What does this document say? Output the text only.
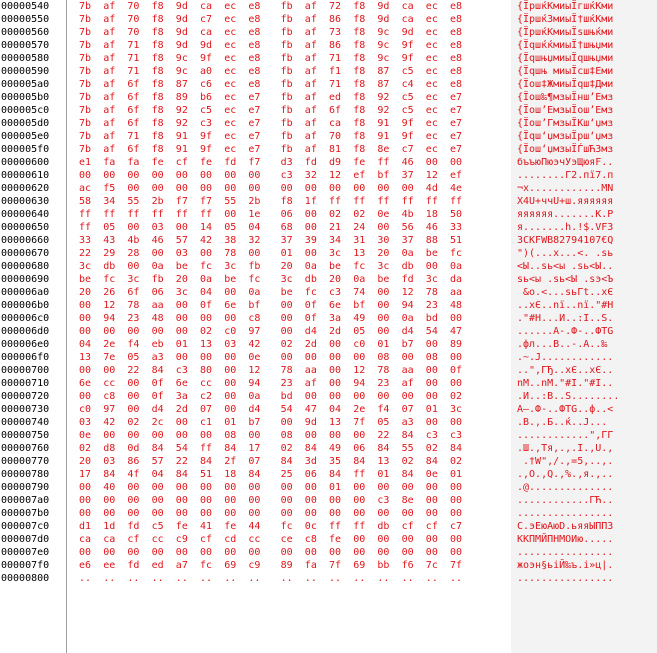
00000540	7b af 70 f8 9d ca ec e8 fb af 72 f8 9d ca ec e8	{ЇршќКмиыЇгшќКми
00000550	7b af 70 f8 9d c7 ec e8 fb af 86 f8 9d ca ec e8	{ЇршќЗмиыЇ†шќКми
00000560	7b af 70 f8 9d ca ec e8 fb af 73 f8 9c 9d ec e8	{ЇршќКмиыЇsшњќми
00000570	7b af 71 f8 9d 9d ec e8 fb af 86 f8 9c 9f ec e8	{ЇqшќќмиыЇ†шњџми
00000580	7b af 71 f8 9c 9f ec e8 fb af 71 f8 9c 9f ec e8	{ЇqшњџмиыЇqшњџми
00000590	7b af 71 f8 9c a0 ec e8 fb af f1 f8 87 c5 ec e8	{Їqшњ миыЇсш‡Еми
000005a0	7b af 6f f8 87 c6 ec e8 fb af 71 f8 87 c4 ec e8	{Їoш‡ЖмиыЇqш‡Дми
000005b0	7b af 6f f8 89 b6 ec e7 fb af ed f8 92 c5 ec e7	{Їoш‰¶мзыЇнш’Емз
000005c0	7b af 6f f8 92 c5 ec e7 fb af 6f f8 92 c5 ec e7	{Їoш’ЕмзыЇoш’Емз
000005d0	7b af 6f f8 92 c3 ec e7 fb af ca f8 91 9f ec e7	{Їoш’ГмзыЇКш‘џмз
000005e0	7b af 71 f8 91 9f ec e7 fb af 70 f8 91 9f ec e7	{Їqш‘џмзыЇpш‘џмз
000005f0	7b af 6f f8 91 9f ec e7 fb af 81 f8 8e c7 ec e7	{Їoш‘џмзыЇЃшЋЗмз
00000600	e1 fa fa fe cf fe fd f7 d3 fd d9 fe ff 46 00 00	бъъюПюэчУэЩюяF..
00000610	00 00 00 00 00 00 00 00 c3 32 12 ef bf 37 12 ef	........Г2.пї7.п
00000620	ac f5 00 00 00 00 00 00 00 00 00 00 00 00 4d 4e	¬х............MN
00000630	58 34 55 2b f7 f7 55 2b f8 1f ff ff ff ff ff ff	X4U+ччU+ш.яяяяяя
00000640	ff ff ff ff ff ff 00 1e 06 00 02 02 0e 4b 18 50	яяяяяя.......K.P
00000650	ff 05 00 03 00 14 05 04 68 00 21 24 00 56 46 33	я.......h.!$.VF3
00000660	33 43 4b 46 57 42 38 32 37 39 34 31 30 37 88 51	3CKFWB82794107€Q
00000670	22 29 28 00 03 00 78 00 01 00 3c 13 20 0a be fc	")(...x...<. .sь
00000680	3c db 00 0a be fc 3c fb 20 0a be fc 3c db 00 0a	<Ы..sь<ы .sь<Ы..
00000690	be fc 3c fb 20 0a be fc 3c db 20 0a be fd 3c da	sь<ы .sь<Ы .sэ<Ъ
000006a0	20 26 6f 06 3c 04 00 0a be fc c3 74 00 12 78 aa	&o.<...sьГt..xЄ
000006b0	00 12 78 aa 00 0f 6e bf 00 0f 6e bf 00 94 23 48	..xЄ..nї..nї."#H
000006c0	00 94 23 48 00 00 00 c8 00 0f 3a 49 00 0a bd 00	."#H...И..:I..S.
000006d0	00 00 00 00 00 02 c0 97 00 d4 2d 05 00 d4 54 47	......А-.Ф-..ФTG
000006e0	04 2e f4 eb 01 13 03 42 02 2d 00 c0 01 b7 00 89	.фл...B..-.А..‰
000006f0	13 7e 05 a3 00 00 00 0e 00 00 00 00 08 00 08 00	.~.J............
00000700	00 00 22 84 c3 80 00 12 78 aa 00 12 78 aa 00 0f	..",ГЂ..xЄ..xЄ..
00000710	6e cc 00 0f 6e cc 00 94 23 af 00 94 23 af 00 00	nМ..nМ."#I."#I..
00000720	00 c8 00 0f 3a c2 00 0a bd 00 00 00 00 00 00 02	.И..:В..S........
00000730	c0 97 00 d4 2d 07 00 d4 54 47 04 2e f4 07 01 3c	А—.Ф-..ФTG..ф..<
00000740	03 42 02 2c 00 c1 01 b7 00 9d 13 7f 05 a3 00 00	.B.,.Б..ќ..J...
00000750	0e 00 00 00 00 00 08 00 08 00 00 00 22 84 c3 c3	............",ГГ
00000760	02 d8 0d 84 54 ff 84 17 02 84 49 06 84 55 02 84	.Ш.,Tя,.,.I.,U.,
00000770	20 03 86 57 22 84 2f 07 84 3d 35 84 13 02 84 02	.†W",/.,=5,..,.
00000780	17 84 4f 04 84 51 18 84 25 06 84 ff 01 84 0e 01	.,O.,Q.,%.,я.,..
00000790	00 40 00 00 00 00 00 00 00 00 01 00 00 00 00 00	.@..............
000007a0	00 00 00 00 00 00 00 00 00 00 00 00 c3 8e 00 00	............ГЋ..
000007b0	00 00 00 00 00 00 00 00 00 00 00 00 00 00 00 00	................
000007c0	d1 1d fd c5 fe 41 fe 44 fc 0c ff ff db cf cf c7	С.эЕюАюD.ьяяЫППЗ
000007d0	ca ca cf cc c9 cf cd cc ce c8 fe 00 00 00 00 00	ККПМЙПНМОИю.....
000007e0	00 00 00 00 00 00 00 00 00 00 00 00 00 00 00 00	................
000007f0	e6 ee fd ed a7 fc 69 c9 89 fa 7f 69 bb f6 7c 7f	жоэн§ьiЙ‰ъ.i»ц|.
00000800	.. .. .. .. .. .. .. .. .. .. .. .. .. .. .. ..	................
